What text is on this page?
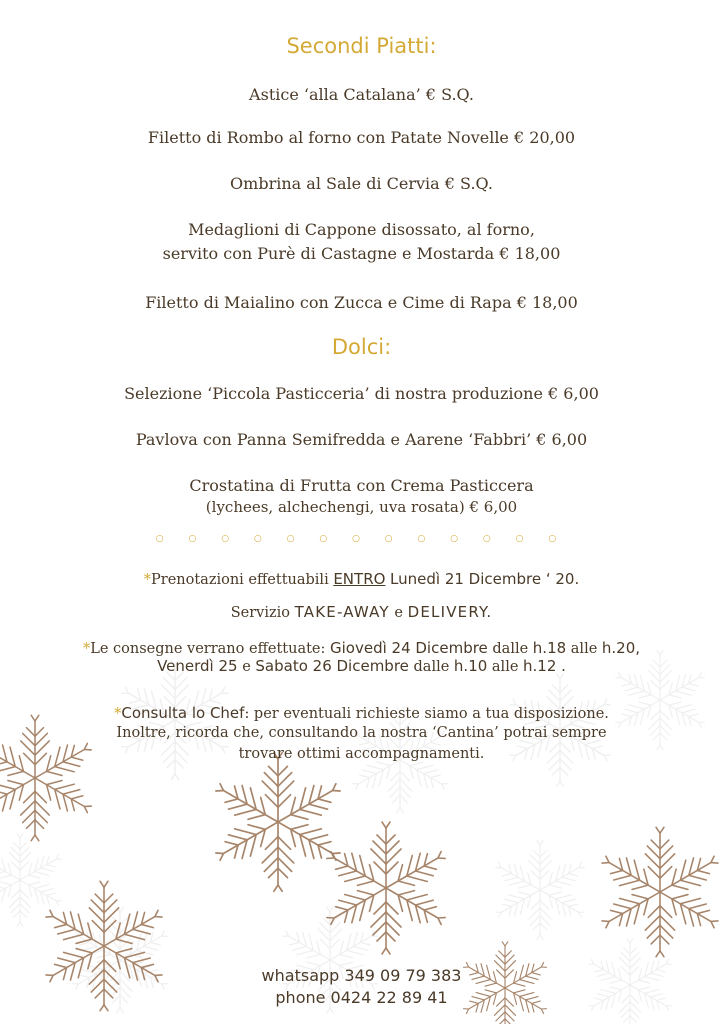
Secondi Piatti:
Astice ‘alla Catalana’ € S.Q.
Filetto di Rombo al forno con Patate Novelle € 20,00
Ombrina al Sale di Cervia € S.Q.
Medaglioni di Cappone disossato, al forno,
servito con Purè di Castagne e Mostarda € 18,00
Filetto di Maialino con Zucca e Cime di Rapa € 18,00
Dolci:
Selezione ‘Piccola Pasticceria’ di nostra produzione € 6,00
Pavlova con Panna Semifredda e Aarene ‘Fabbri’ € 6,00
Crostatina di Frutta con Crema Pasticcera
(lychees, alchechengi, uva rosata) € 6,00
○ ○ ○ ○ ○ ○ ○ ○ ○ ○ ○ ○ ○
*Prenotazioni effettuabili ENTRO Lunedì 21 Dicembre ‘ 20.
Servizio TAKE-AWAY e DELIVERY.
*Le consegne verrano effettuate: Giovedì 24 Dicembre dalle h.18 alle h.20,
Venerdì 25 e Sabato 26 Dicembre dalle h.10 alle h.12 .
*Consulta lo Chef: per eventuali richieste siamo a tua disposizione.
Inoltre, ricorda che, consultando la nostra ‘Cantina’ potrai sempre
trovare ottimi accompagnamenti.
whatsapp 349 09 79 383
phone 0424 22 89 41
